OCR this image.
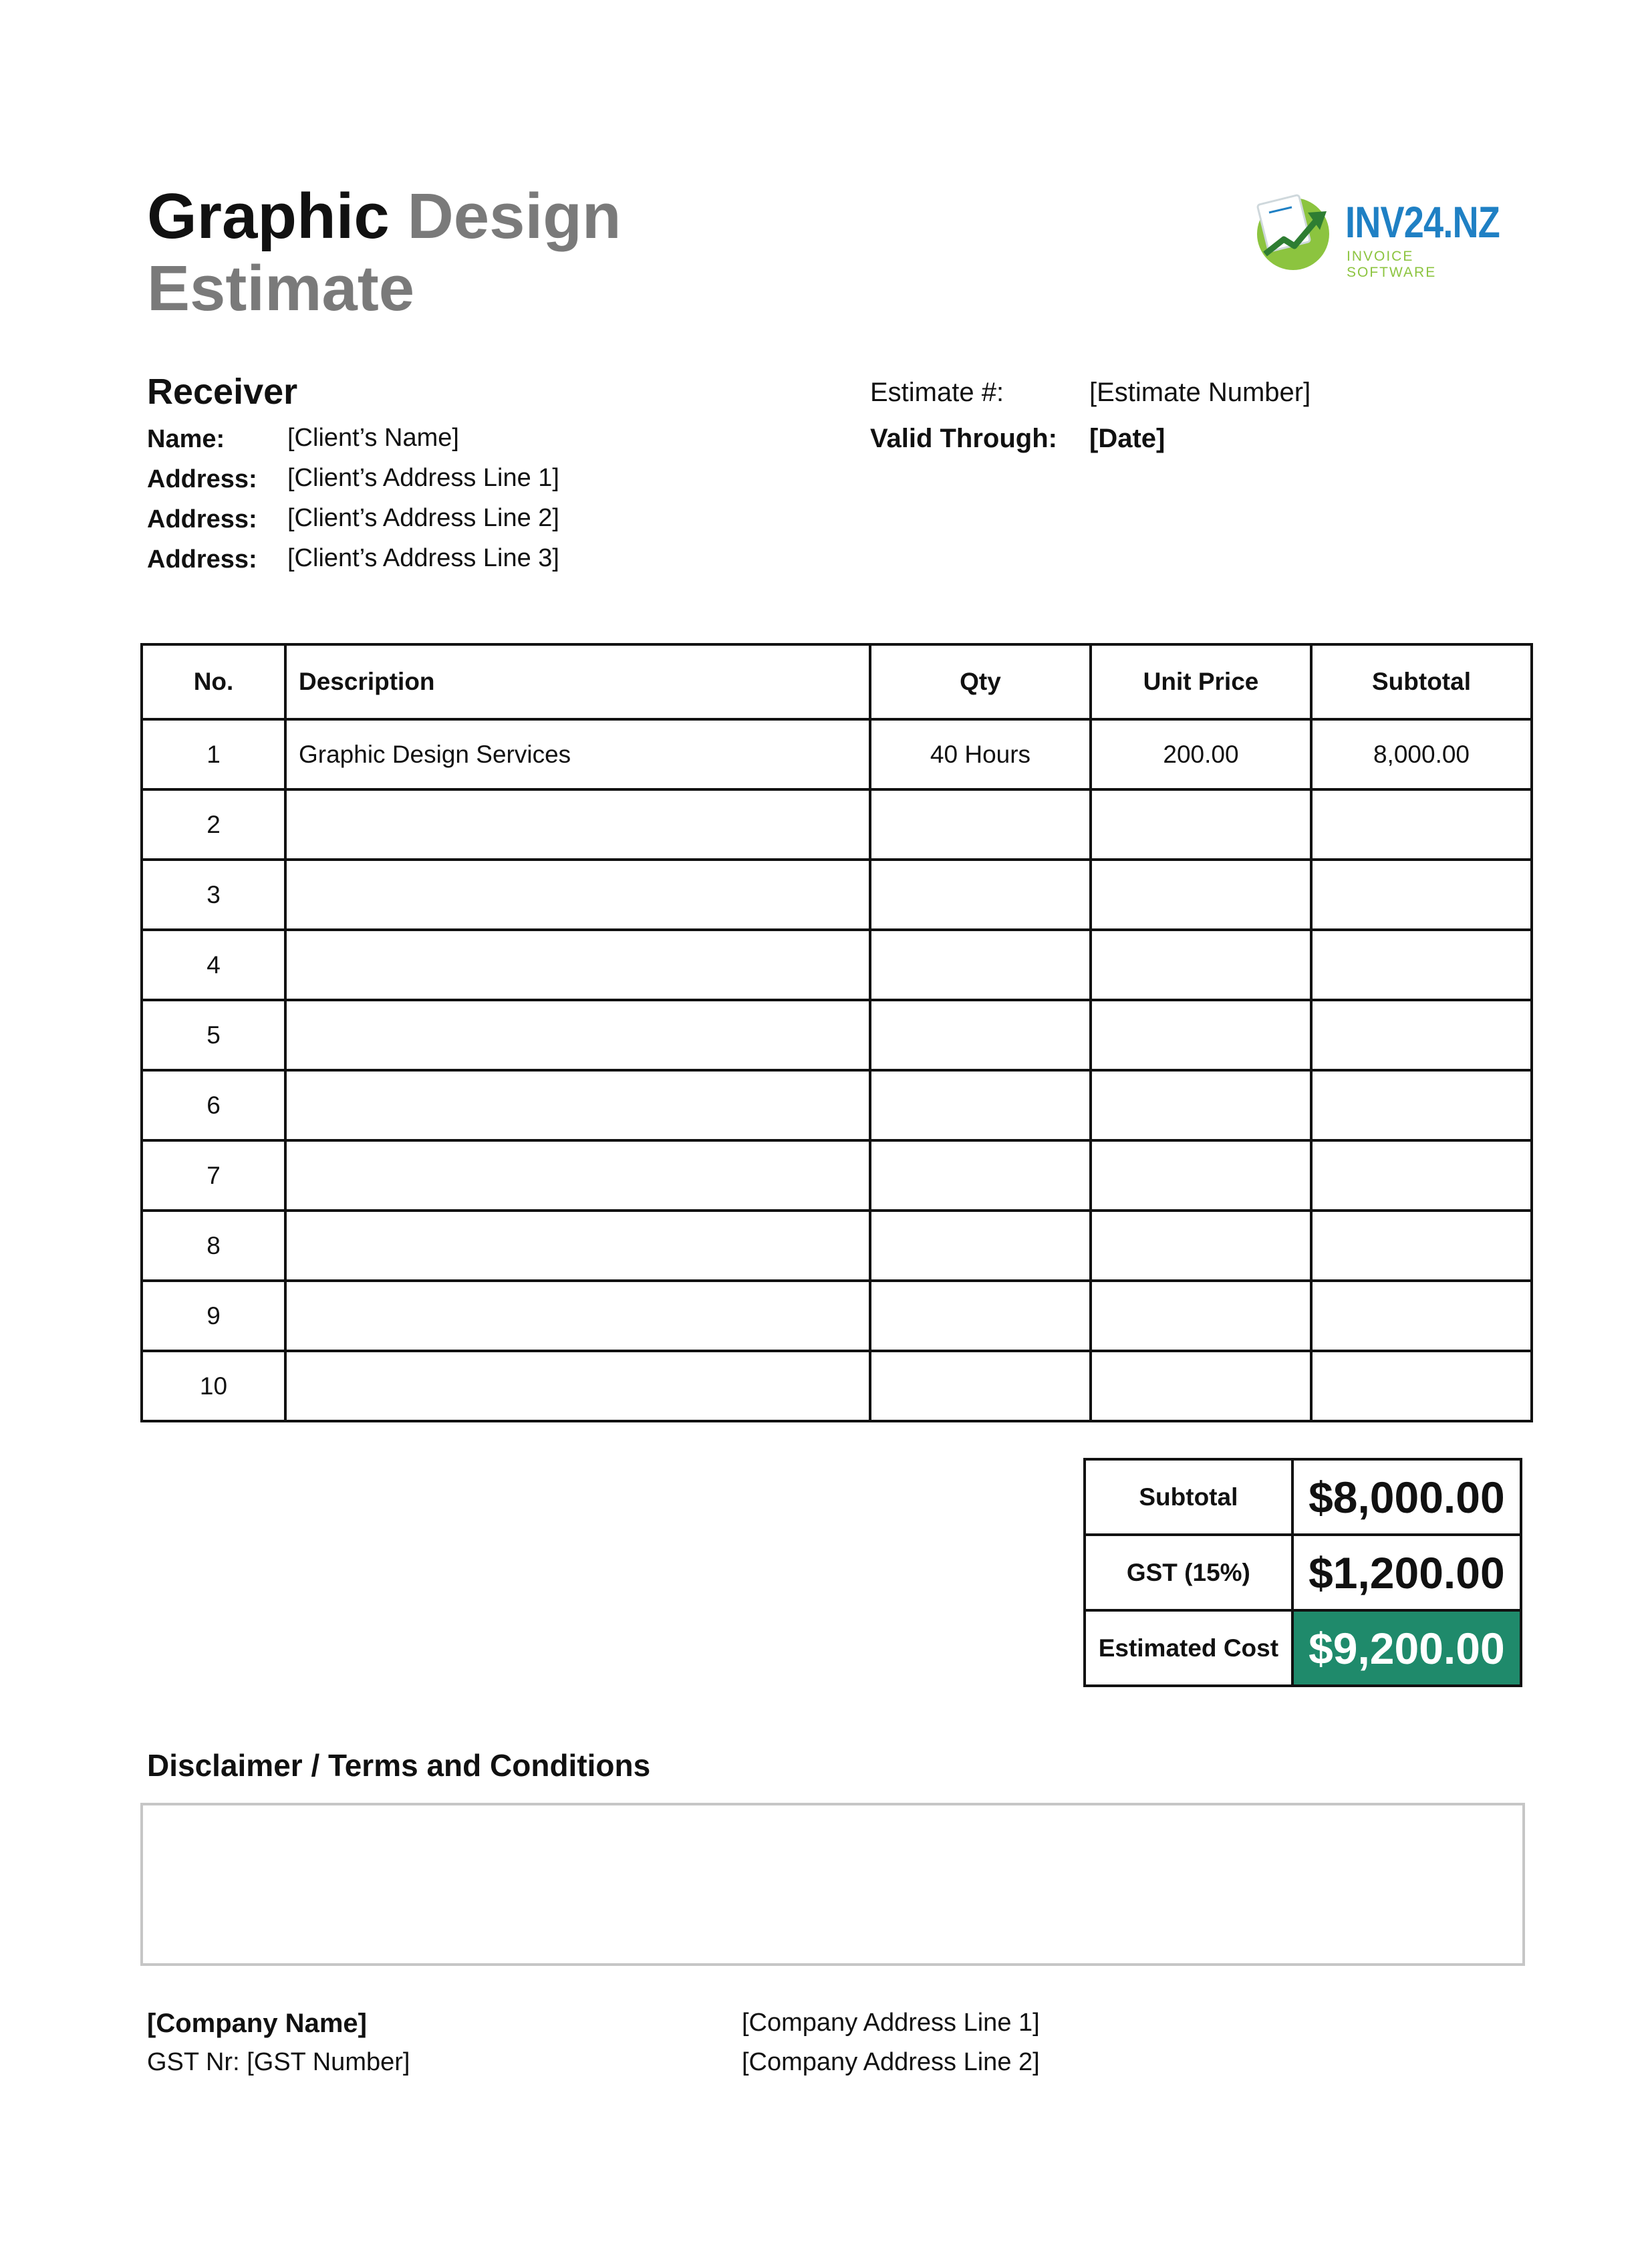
Graphic Design
Estimate
INV24.NZ
INVOICE SOFTWARE
Receiver
Name: [Client’s Name]
Address: [Client’s Address Line 1]
Address: [Client’s Address Line 2]
Address: [Client’s Address Line 3]
Estimate #:	[Estimate Number]
Valid Through: [Date]
No.	Description	Qty	Unit Price	Subtotal
1	Graphic Design Services	40 Hours	200.00	8,000.00
2				
3				
4				
5				
6				
7				
8				
9				
10				
Subtotal	$8,000.00
GST (15%)	$1,200.00
Estimated Cost	$9,200.00
Disclaimer / Terms and Conditions
[Company Name]
GST Nr: [GST Number]
[Company Address Line 1]
[Company Address Line 2]
